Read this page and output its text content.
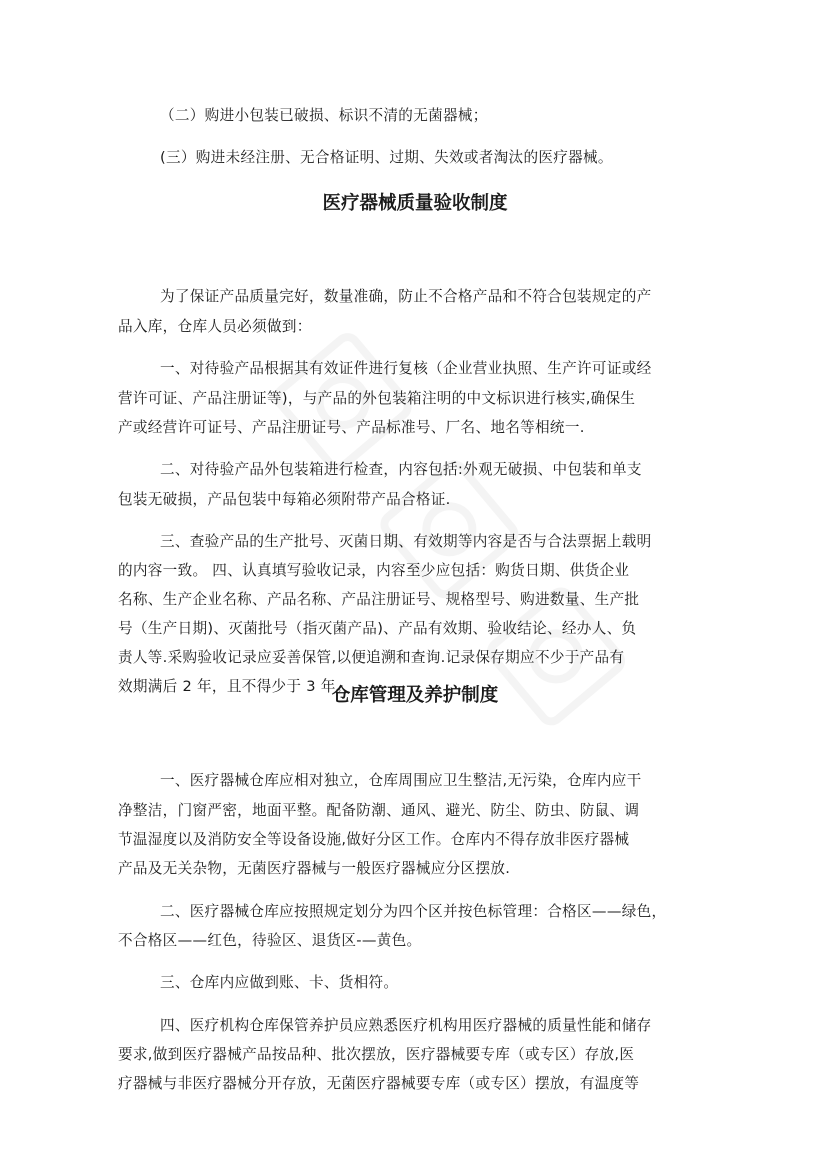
（二）购进小包装已破损、标识不清的无菌器械；
(三）购进未经注册、无合格证明、过期、失效或者淘汰的医疗器械。
医疗器械质量验收制度
为了保证产品质量完好，数量准确，防止不合格产品和不符合包装规定的产
品入库，仓库人员必须做到：
一、对待验产品根据其有效证件进行复核（企业营业执照、生产许可证或经
营许可证、产品注册证等)，与产品的外包装箱注明的中文标识进行核实,确保生
产或经营许可证号、产品注册证号、产品标准号、厂名、地名等相统一.
二、对待验产品外包装箱进行检查，内容包括:外观无破损、中包装和单支
包装无破损，产品包装中每箱必须附带产品合格证.
三、查验产品的生产批号、灭菌日期、有效期等内容是否与合法票据上载明
的内容一致。 四、认真填写验收记录，内容至少应包括：购货日期、供货企业
名称、生产企业名称、产品名称、产品注册证号、规格型号、购进数量、生产批
号（生产日期)、灭菌批号（指灭菌产品)、产品有效期、验收结论、经办人、负
责人等.采购验收记录应妥善保管,以便追溯和查询.记录保存期应不少于产品有
效期满后 2 年，且不得少于 3 年。
仓库管理及养护制度
一、医疗器械仓库应相对独立，仓库周围应卫生整洁,无污染，仓库内应干
净整洁，门窗严密，地面平整。配备防潮、通风、避光、防尘、防虫、防鼠、调
节温湿度以及消防安全等设备设施,做好分区工作。仓库内不得存放非医疗器械
产品及无关杂物，无菌医疗器械与一般医疗器械应分区摆放.
二、医疗器械仓库应按照规定划分为四个区并按色标管理：合格区——绿色，
不合格区——红色，待验区、退货区-—黄色。
三、仓库内应做到账、卡、货相符。
四、医疗机构仓库保管养护员应熟悉医疗机构用医疗器械的质量性能和储存
要求,做到医疗器械产品按品种、批次摆放，医疗器械要专库（或专区）存放,医
疗器械与非医疗器械分开存放，无菌医疗器械要专库（或专区）摆放，有温度等
